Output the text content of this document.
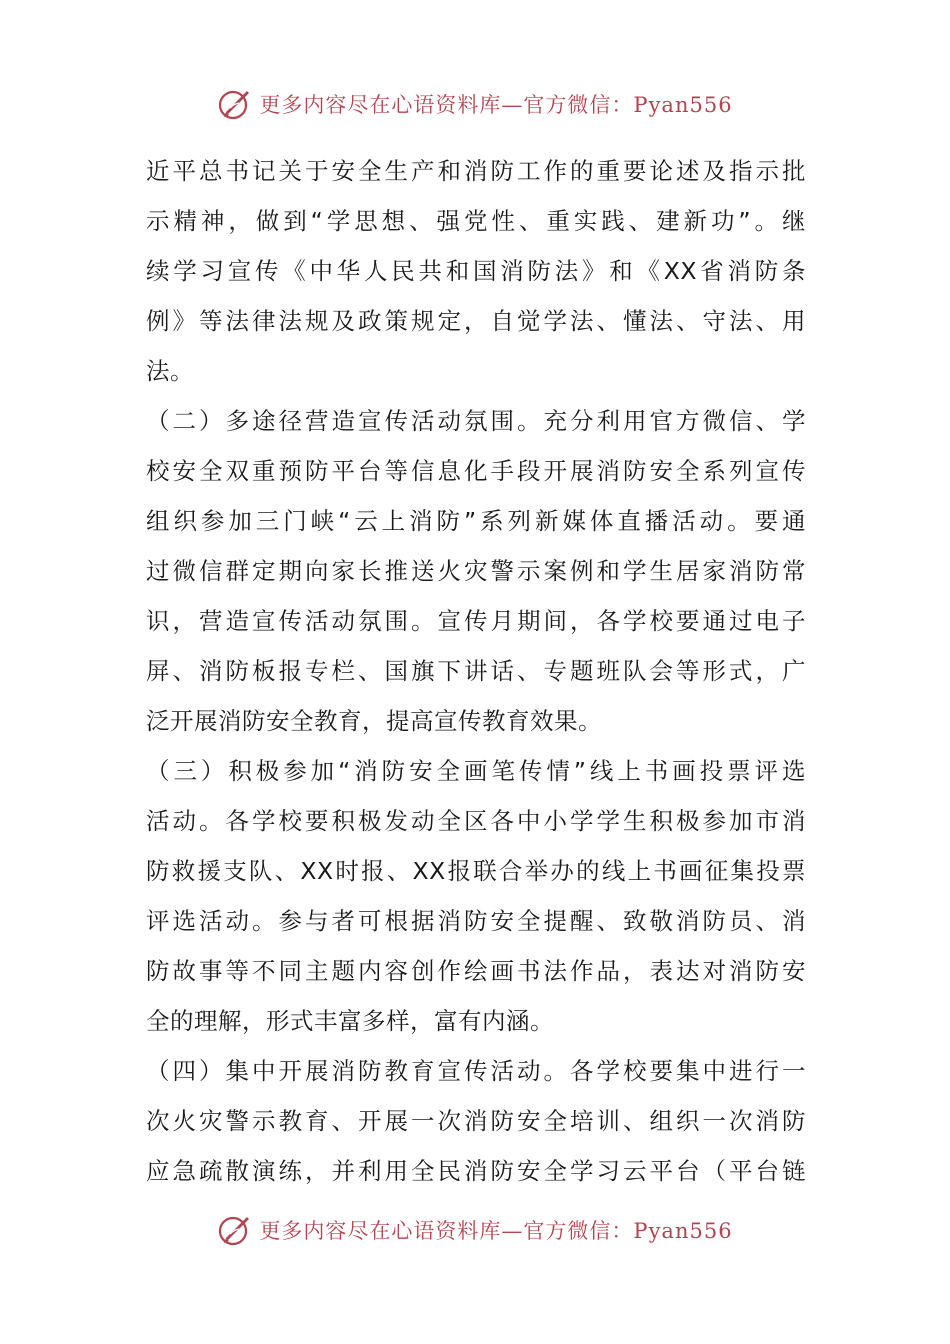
更多内容尽在心语资料库—官方微信：Pyan556
近平总书记关于安全生产和消防工作的重要论述及指示批
示精神，做到“学思想、强党性、重实践、建新功”。继
续学习宣传《中华人民共和国消防法》和《XX省消防条
例》等法律法规及政策规定，自觉学法、懂法、守法、用
法。
（二）多途径营造宣传活动氛围。充分利用官方微信、学
校安全双重预防平台等信息化手段开展消防安全系列宣传
组织参加三门峡“云上消防”系列新媒体直播活动。要通
过微信群定期向家长推送火灾警示案例和学生居家消防常
识，营造宣传活动氛围。宣传月期间，各学校要通过电子
屏、消防板报专栏、国旗下讲话、专题班队会等形式，广
泛开展消防安全教育，提高宣传教育效果。
（三）积极参加“消防安全画笔传情”线上书画投票评选
活动。各学校要积极发动全区各中小学学生积极参加市消
防救援支队、XX时报、XX报联合举办的线上书画征集投票
评选活动。参与者可根据消防安全提醒、致敬消防员、消
防故事等不同主题内容创作绘画书法作品，表达对消防安
全的理解，形式丰富多样，富有内涵。
（四）集中开展消防教育宣传活动。各学校要集中进行一
次火灾警示教育、开展一次消防安全培训、组织一次消防
应急疏散演练，并利用全民消防安全学习云平台（平台链
更多内容尽在心语资料库—官方微信：Pyan556
